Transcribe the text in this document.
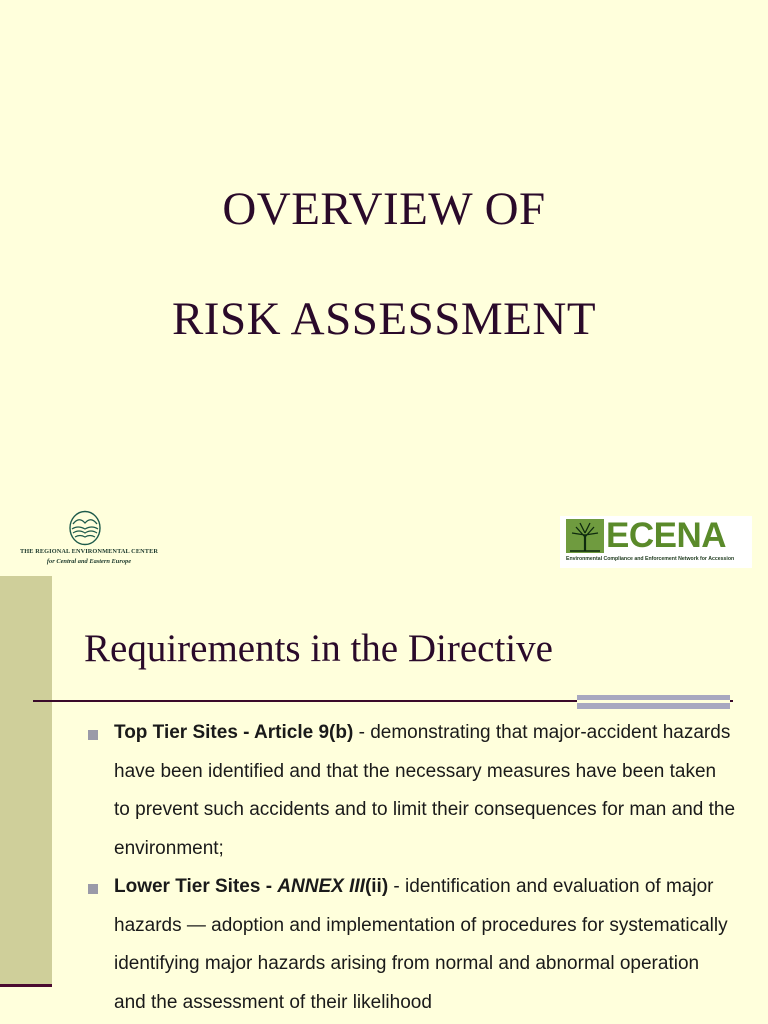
OVERVIEW OF
RISK ASSESSMENT
THE REGIONAL ENVIRONMENTAL CENTER
for Central and Eastern Europe
ECENA
Environmental Compliance and Enforcement Network for Accession
Requirements in the Directive
Top Tier Sites - Article 9(b) - demonstrating that major-accident hazards have been identified and that the necessary measures have been taken to prevent such accidents and to limit their consequences for man and the environment;
Lower Tier Sites - ANNEX III(ii) - identification and evaluation of major hazards — adoption and implementation of procedures for systematically identifying major hazards arising from normal and abnormal operation and the assessment of their likelihood
